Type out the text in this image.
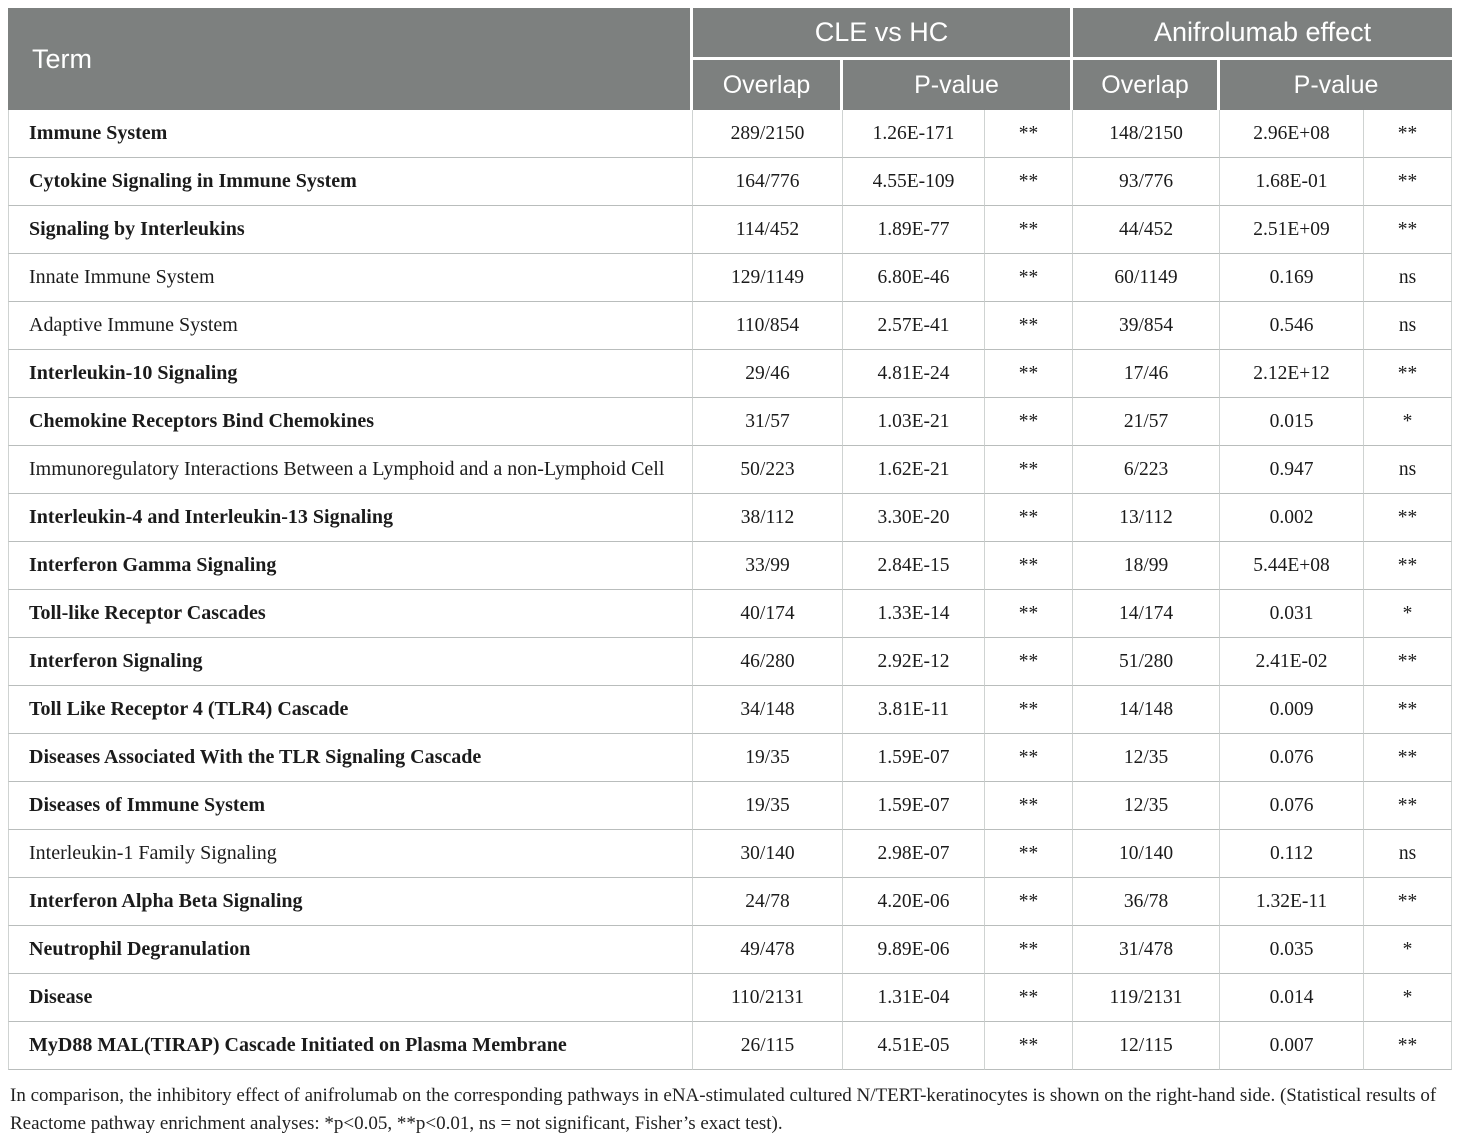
Term	CLE vs HC			Anifrolumab effect		
	Overlap	P-value		Overlap	P-value	
Immune System	289/2150	1.26E-171	**	148/2150	2.96E+08	**
Cytokine Signaling in Immune System	164/776	4.55E-109	**	93/776	1.68E-01	**
Signaling by Interleukins	114/452	1.89E-77	**	44/452	2.51E+09	**
Innate Immune System	129/1149	6.80E-46	**	60/1149	0.169	ns
Adaptive Immune System	110/854	2.57E-41	**	39/854	0.546	ns
Interleukin-10 Signaling	29/46	4.81E-24	**	17/46	2.12E+12	**
Chemokine Receptors Bind Chemokines	31/57	1.03E-21	**	21/57	0.015	*
Immunoregulatory Interactions Between a Lymphoid and a non-Lymphoid Cell	50/223	1.62E-21	**	6/223	0.947	ns
Interleukin-4 and Interleukin-13 Signaling	38/112	3.30E-20	**	13/112	0.002	**
Interferon Gamma Signaling	33/99	2.84E-15	**	18/99	5.44E+08	**
Toll-like Receptor Cascades	40/174	1.33E-14	**	14/174	0.031	*
Interferon Signaling	46/280	2.92E-12	**	51/280	2.41E-02	**
Toll Like Receptor 4 (TLR4) Cascade	34/148	3.81E-11	**	14/148	0.009	**
Diseases Associated With the TLR Signaling Cascade	19/35	1.59E-07	**	12/35	0.076	**
Diseases of Immune System	19/35	1.59E-07	**	12/35	0.076	**
Interleukin-1 Family Signaling	30/140	2.98E-07	**	10/140	0.112	ns
Interferon Alpha Beta Signaling	24/78	4.20E-06	**	36/78	1.32E-11	**
Neutrophil Degranulation	49/478	9.89E-06	**	31/478	0.035	*
Disease	110/2131	1.31E-04	**	119/2131	0.014	*
MyD88 MAL(TIRAP) Cascade Initiated on Plasma Membrane	26/115	4.51E-05	**	12/115	0.007	**

In comparison, the inhibitory effect of anifrolumab on the corresponding pathways in eNA-stimulated cultured N/TERT-keratinocytes is shown on the right-hand side. (Statistical results of Reactome pathway enrichment analyses: *p<0.05, **p<0.01, ns = not significant, Fisher’s exact test).
